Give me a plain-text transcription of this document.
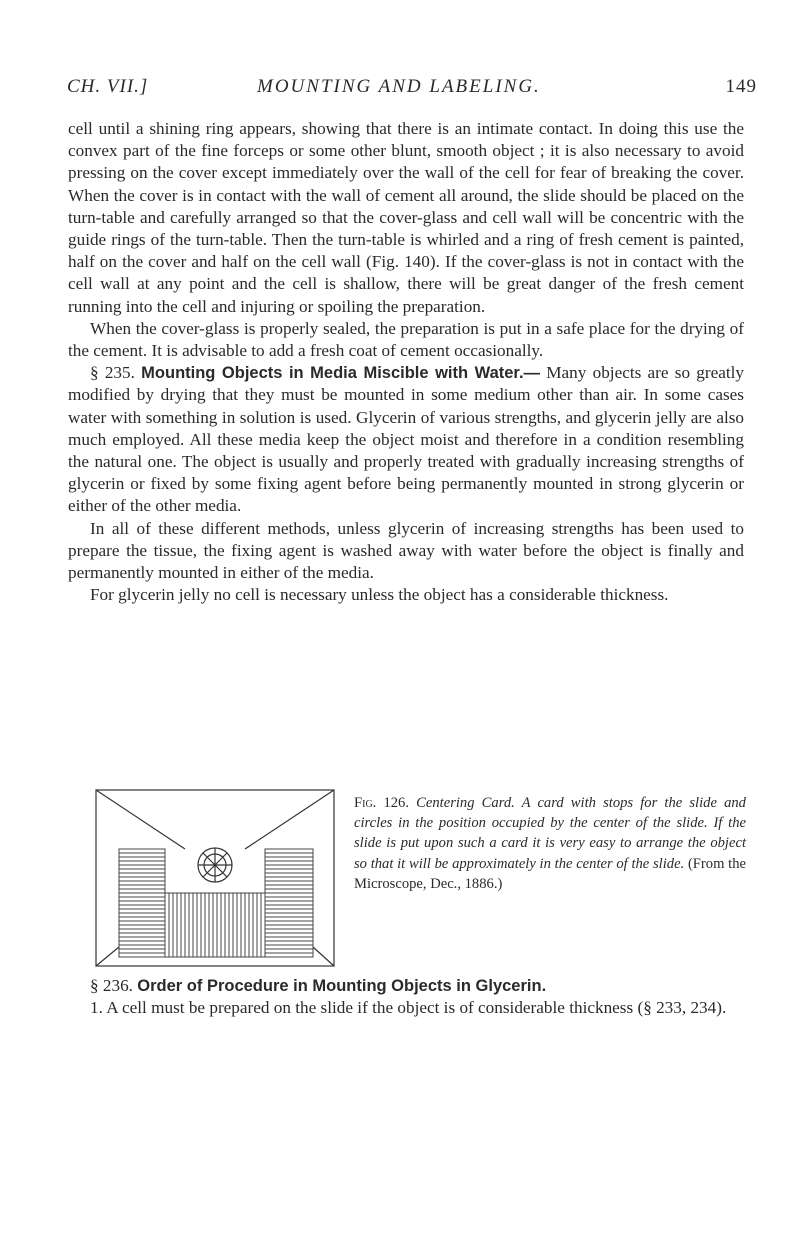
CH. VII.]	MOUNTING AND LABELING.	149

cell until a shining ring appears, showing that there is an intimate contact. In doing this use the convex part of the fine forceps or some other blunt, smooth object ; it is also necessary to avoid pressing on the cover except immediately over the wall of the cell for fear of breaking the cover. When the cover is in contact with the wall of cement all around, the slide should be placed on the turn-table and carefully arranged so that the cover-glass and cell wall will be concentric with the guide rings of the turn-table. Then the turn-table is whirled and a ring of fresh cement is painted, half on the cover and half on the cell wall (Fig. 140). If the cover-glass is not in contact with the cell wall at any point and the cell is shallow, there will be great danger of the fresh cement running into the cell and injuring or spoiling the preparation.

When the cover-glass is properly sealed, the preparation is put in a safe place for the drying of the cement. It is advisable to add a fresh coat of cement occasionally.

§ 235. Mounting Objects in Media Miscible with Water.— Many objects are so greatly modified by drying that they must be mounted in some medium other than air. In some cases water with something in solution is used. Glycerin of various strengths, and glycerin jelly are also much employed. All these media keep the object moist and therefore in a condition resembling the natural one. The object is usually and properly treated with gradually increasing strengths of glycerin or fixed by some fixing agent before being permanently mounted in strong glycerin or either of the other media.

In all of these different methods, unless glycerin of increasing strengths has been used to prepare the tissue, the fixing agent is washed away with water before the object is finally and permanently mounted in either of the media.

For glycerin jelly no cell is necessary unless the object has a considerable thickness.

Fig. 126. Centering Card. A card with stops for the slide and circles in the position occupied by the center of the slide. If the slide is put upon such a card it is very easy to arrange the object so that it will be approximately in the center of the slide. (From the Microscope, Dec., 1886.)

§ 236. Order of Procedure in Mounting Objects in Glycerin.

1. A cell must be prepared on the slide if the object is of considerable thickness (§ 233, 234).
